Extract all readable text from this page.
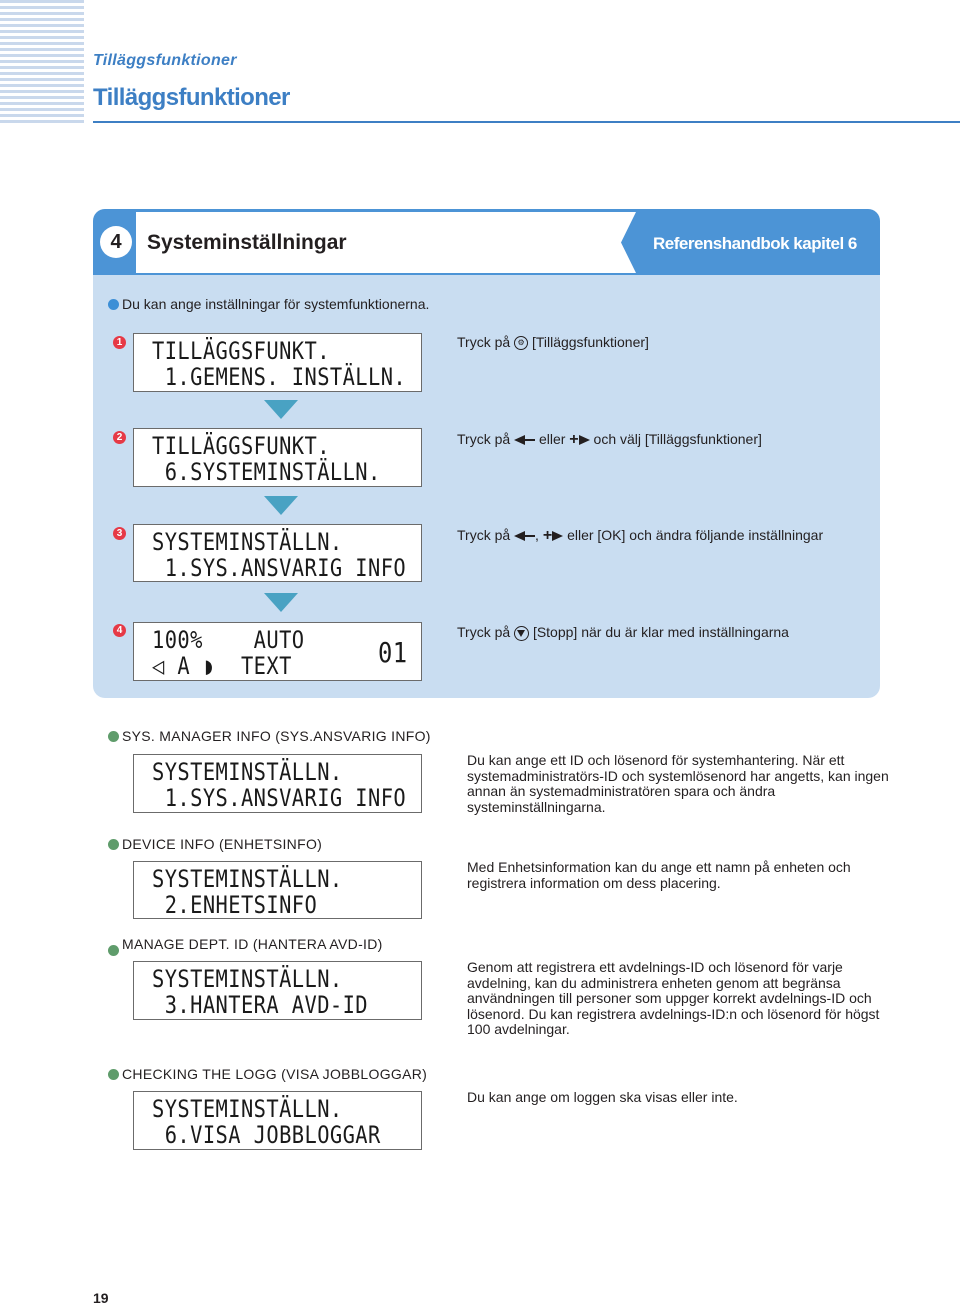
Tilläggsfunktioner
Tilläggsfunktioner
4	Systeminställningar	Referenshandbok kapitel 6
Du kan ange inställningar för systemfunktionerna.
1 TILLÄGGSFUNKT.
1.GEMENS. INSTÄLLN.
Tryck på ⚙ [Tilläggsfunktioner]
2 TILLÄGGSFUNKT.
6.SYSTEMINSTÄLLN.
Tryck på eller + och välj [Tilläggsfunktioner]
3 SYSTEMINSTÄLLN.
1.SYS.ANSVARIG INFO
Tryck på , + eller [OK] och ändra följande inställningar
4 100%    AUTO
◁ A ◗  TEXT	01
Tryck på [Stopp] när du är klar med inställningarna
SYS. MANAGER INFO (SYS.ANSVARIG INFO)
SYSTEMINSTÄLLN.
1.SYS.ANSVARIG INFO
Du kan ange ett ID och lösenord för systemhantering. När ett systemadministratörs-ID och systemlösenord har angetts, kan ingen annan än systemadministratören spara och ändra systeminställningarna.
DEVICE INFO (ENHETSINFO)
SYSTEMINSTÄLLN.
2.ENHETSINFO
Med Enhetsinformation kan du ange ett namn på enheten och registrera information om dess placering.
MANAGE DEPT. ID (HANTERA AVD-ID)
SYSTEMINSTÄLLN.
3.HANTERA AVD-ID
Genom att registrera ett avdelnings-ID och lösenord för varje avdelning, kan du administrera enheten genom att begränsa användningen till personer som uppger korrekt avdelnings-ID och lösenord. Du kan registrera avdelnings-ID:n och lösenord för högst 100 avdelningar.
CHECKING THE LOGG (VISA JOBBLOGGAR)
SYSTEMINSTÄLLN.
6.VISA JOBBLOGGAR
Du kan ange om loggen ska visas eller inte.
19
